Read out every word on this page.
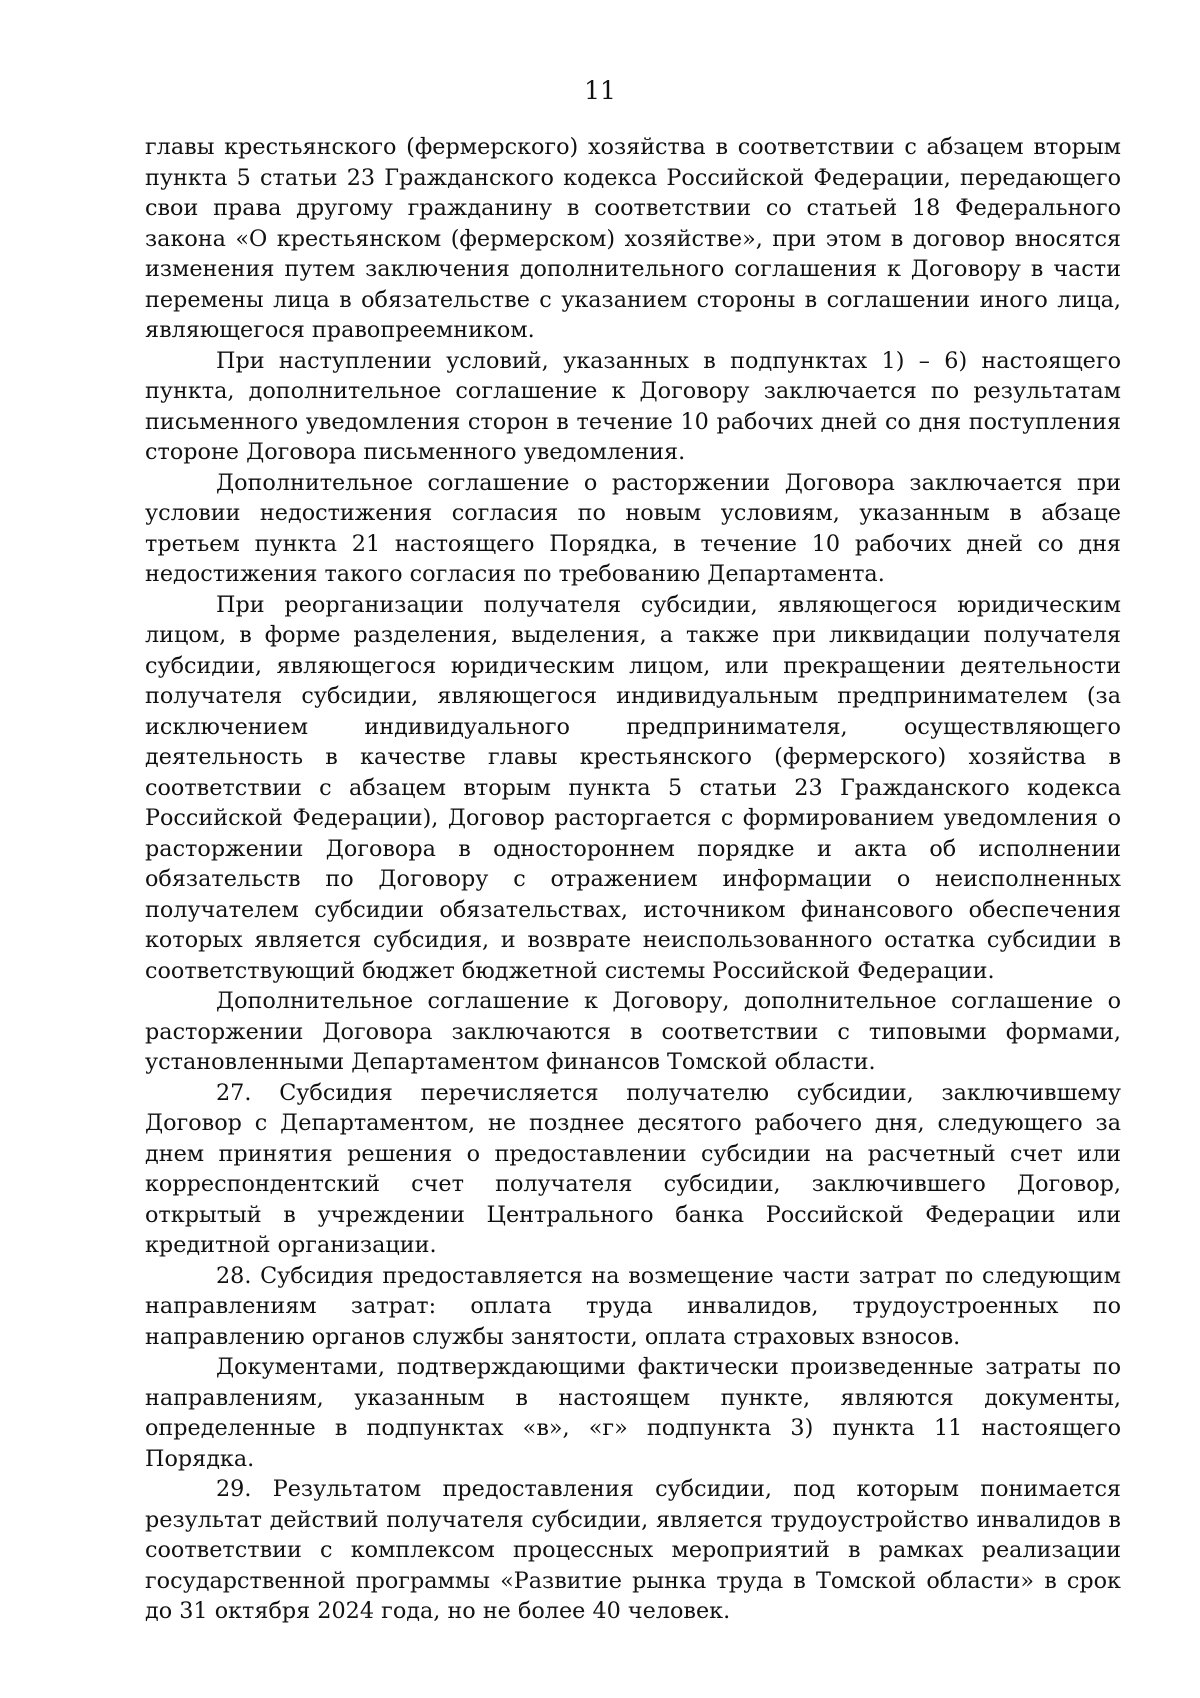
11

главы крестьянского (фермерского) хозяйства в соответствии с абзацем вторым пункта 5 статьи 23 Гражданского кодекса Российской Федерации, передающего свои права другому гражданину в соответствии со статьей 18 Федерального закона «О крестьянском (фермерском) хозяйстве», при этом в договор вносятся изменения путем заключения дополнительного соглашения к Договору в части перемены лица в обязательстве с указанием стороны в соглашении иного лица, являющегося правопреемником.

При наступлении условий, указанных в подпунктах 1) – 6) настоящего пункта, дополнительное соглашение к Договору заключается по результатам письменного уведомления сторон в течение 10 рабочих дней со дня поступления стороне Договора письменного уведомления.

Дополнительное соглашение о расторжении Договора заключается при условии недостижения согласия по новым условиям, указанным в абзаце третьем пункта 21 настоящего Порядка, в течение 10 рабочих дней со дня недостижения такого согласия по требованию Департамента.

При реорганизации получателя субсидии, являющегося юридическим лицом, в форме разделения, выделения, а также при ликвидации получателя субсидии, являющегося юридическим лицом, или прекращении деятельности получателя субсидии, являющегося индивидуальным предпринимателем (за исключением индивидуального предпринимателя, осуществляющего деятельность в качестве главы крестьянского (фермерского) хозяйства в соответствии с абзацем вторым пункта 5 статьи 23 Гражданского кодекса Российской Федерации), Договор расторгается с формированием уведомления о расторжении Договора в одностороннем порядке и акта об исполнении обязательств по Договору с отражением информации о неисполненных получателем субсидии обязательствах, источником финансового обеспечения которых является субсидия, и возврате неиспользованного остатка субсидии в соответствующий бюджет бюджетной системы Российской Федерации.

Дополнительное соглашение к Договору, дополнительное соглашение о расторжении Договора заключаются в соответствии с типовыми формами, установленными Департаментом финансов Томской области.

27. Субсидия перечисляется получателю субсидии, заключившему Договор с Департаментом, не позднее десятого рабочего дня, следующего за днем принятия решения о предоставлении субсидии на расчетный счет или корреспондентский счет получателя субсидии, заключившего Договор, открытый в учреждении Центрального банка Российской Федерации или кредитной организации.

28. Субсидия предоставляется на возмещение части затрат по следующим направлениям затрат: оплата труда инвалидов, трудоустроенных по направлению органов службы занятости, оплата страховых взносов.

Документами, подтверждающими фактически произведенные затраты по направлениям, указанным в настоящем пункте, являются документы, определенные в подпунктах «в», «г» подпункта 3) пункта 11 настоящего Порядка.

29. Результатом предоставления субсидии, под которым понимается результат действий получателя субсидии, является трудоустройство инвалидов в соответствии с комплексом процессных мероприятий в рамках реализации государственной программы «Развитие рынка труда в Томской области» в срок до 31 октября 2024 года, но не более 40 человек.
